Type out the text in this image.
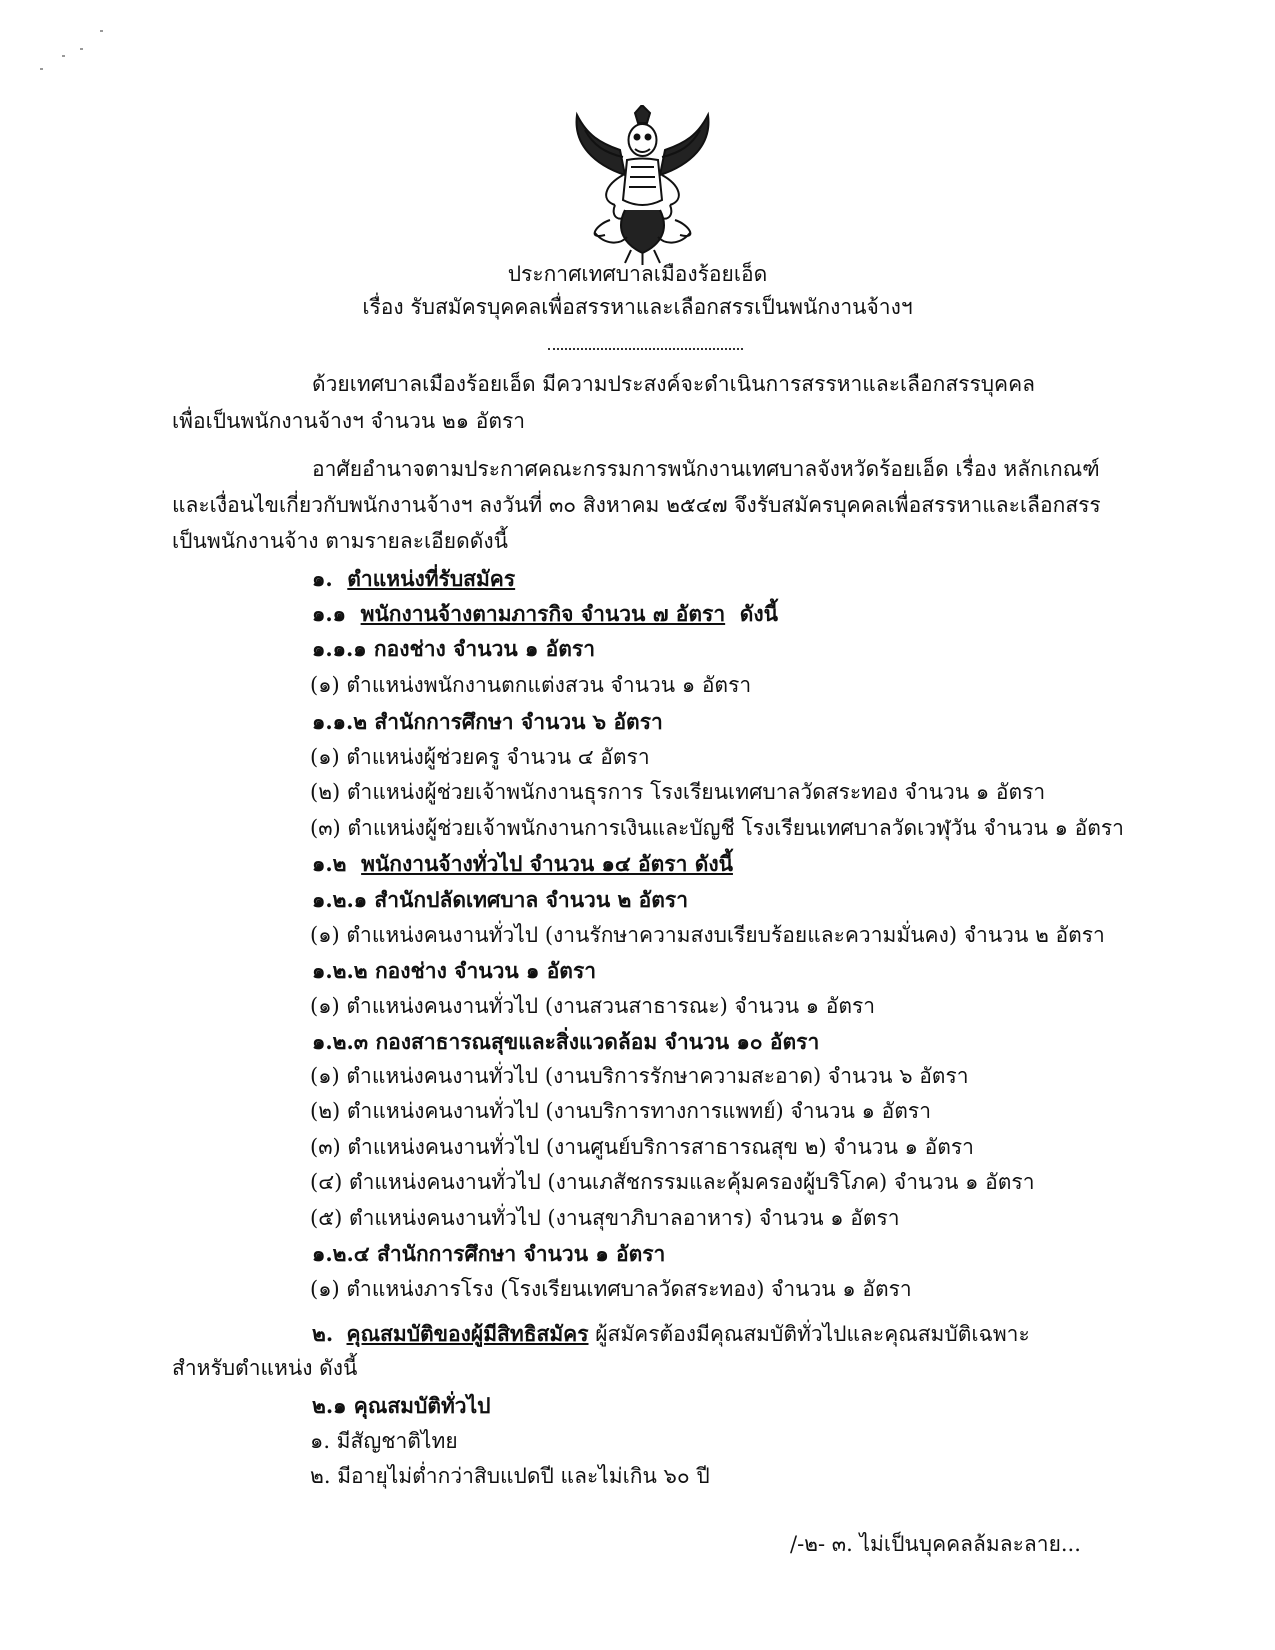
ประกาศเทศบาลเมืองร้อยเอ็ด
เรื่อง รับสมัครบุคคลเพื่อสรรหาและเลือกสรรเป็นพนักงานจ้างฯ
ด้วยเทศบาลเมืองร้อยเอ็ด มีความประสงค์จะดำเนินการสรรหาและเลือกสรรบุคคล
เพื่อเป็นพนักงานจ้างฯ จำนวน ๒๑ อัตรา
อาศัยอำนาจตามประกาศคณะกรรมการพนักงานเทศบาลจังหวัดร้อยเอ็ด เรื่อง หลักเกณฑ์
และเงื่อนไขเกี่ยวกับพนักงานจ้างฯ ลงวันที่ ๓๐ สิงหาคม ๒๕๔๗ จึงรับสมัครบุคคลเพื่อสรรหาและเลือกสรร
เป็นพนักงานจ้าง ตามรายละเอียดดังนี้
๑. ตำแหน่งที่รับสมัคร
๑.๑ พนักงานจ้างตามภารกิจ จำนวน ๗ อัตรา ดังนี้
๑.๑.๑ กองช่าง จำนวน ๑ อัตรา
(๑) ตำแหน่งพนักงานตกแต่งสวน จำนวน ๑ อัตรา
๑.๑.๒ สำนักการศึกษา จำนวน ๖ อัตรา
(๑) ตำแหน่งผู้ช่วยครู จำนวน ๔ อัตรา
(๒) ตำแหน่งผู้ช่วยเจ้าพนักงานธุรการ โรงเรียนเทศบาลวัดสระทอง จำนวน ๑ อัตรา
(๓) ตำแหน่งผู้ช่วยเจ้าพนักงานการเงินและบัญชี โรงเรียนเทศบาลวัดเวฬุวัน จำนวน ๑ อัตรา
๑.๒ พนักงานจ้างทั่วไป จำนวน ๑๔ อัตรา ดังนี้
๑.๒.๑ สำนักปลัดเทศบาล จำนวน ๒ อัตรา
(๑) ตำแหน่งคนงานทั่วไป (งานรักษาความสงบเรียบร้อยและความมั่นคง) จำนวน ๒ อัตรา
๑.๒.๒ กองช่าง จำนวน ๑ อัตรา
(๑) ตำแหน่งคนงานทั่วไป (งานสวนสาธารณะ) จำนวน ๑ อัตรา
๑.๒.๓ กองสาธารณสุขและสิ่งแวดล้อม จำนวน ๑๐ อัตรา
(๑) ตำแหน่งคนงานทั่วไป (งานบริการรักษาความสะอาด) จำนวน ๖ อัตรา
(๒) ตำแหน่งคนงานทั่วไป (งานบริการทางการแพทย์) จำนวน ๑ อัตรา
(๓) ตำแหน่งคนงานทั่วไป (งานศูนย์บริการสาธารณสุข ๒) จำนวน ๑ อัตรา
(๔) ตำแหน่งคนงานทั่วไป (งานเภสัชกรรมและคุ้มครองผู้บริโภค) จำนวน ๑ อัตรา
(๕) ตำแหน่งคนงานทั่วไป (งานสุขาภิบาลอาหาร) จำนวน ๑ อัตรา
๑.๒.๔ สำนักการศึกษา จำนวน ๑ อัตรา
(๑) ตำแหน่งภารโรง (โรงเรียนเทศบาลวัดสระทอง) จำนวน ๑ อัตรา
๒. คุณสมบัติของผู้มีสิทธิสมัคร ผู้สมัครต้องมีคุณสมบัติทั่วไปและคุณสมบัติเฉพาะ
สำหรับตำแหน่ง ดังนี้
๒.๑ คุณสมบัติทั่วไป
๑. มีสัญชาติไทย
๒. มีอายุไม่ต่ำกว่าสิบแปดปี และไม่เกิน ๖๐ ปี
/-๒- ๓. ไม่เป็นบุคคลล้มละลาย...
